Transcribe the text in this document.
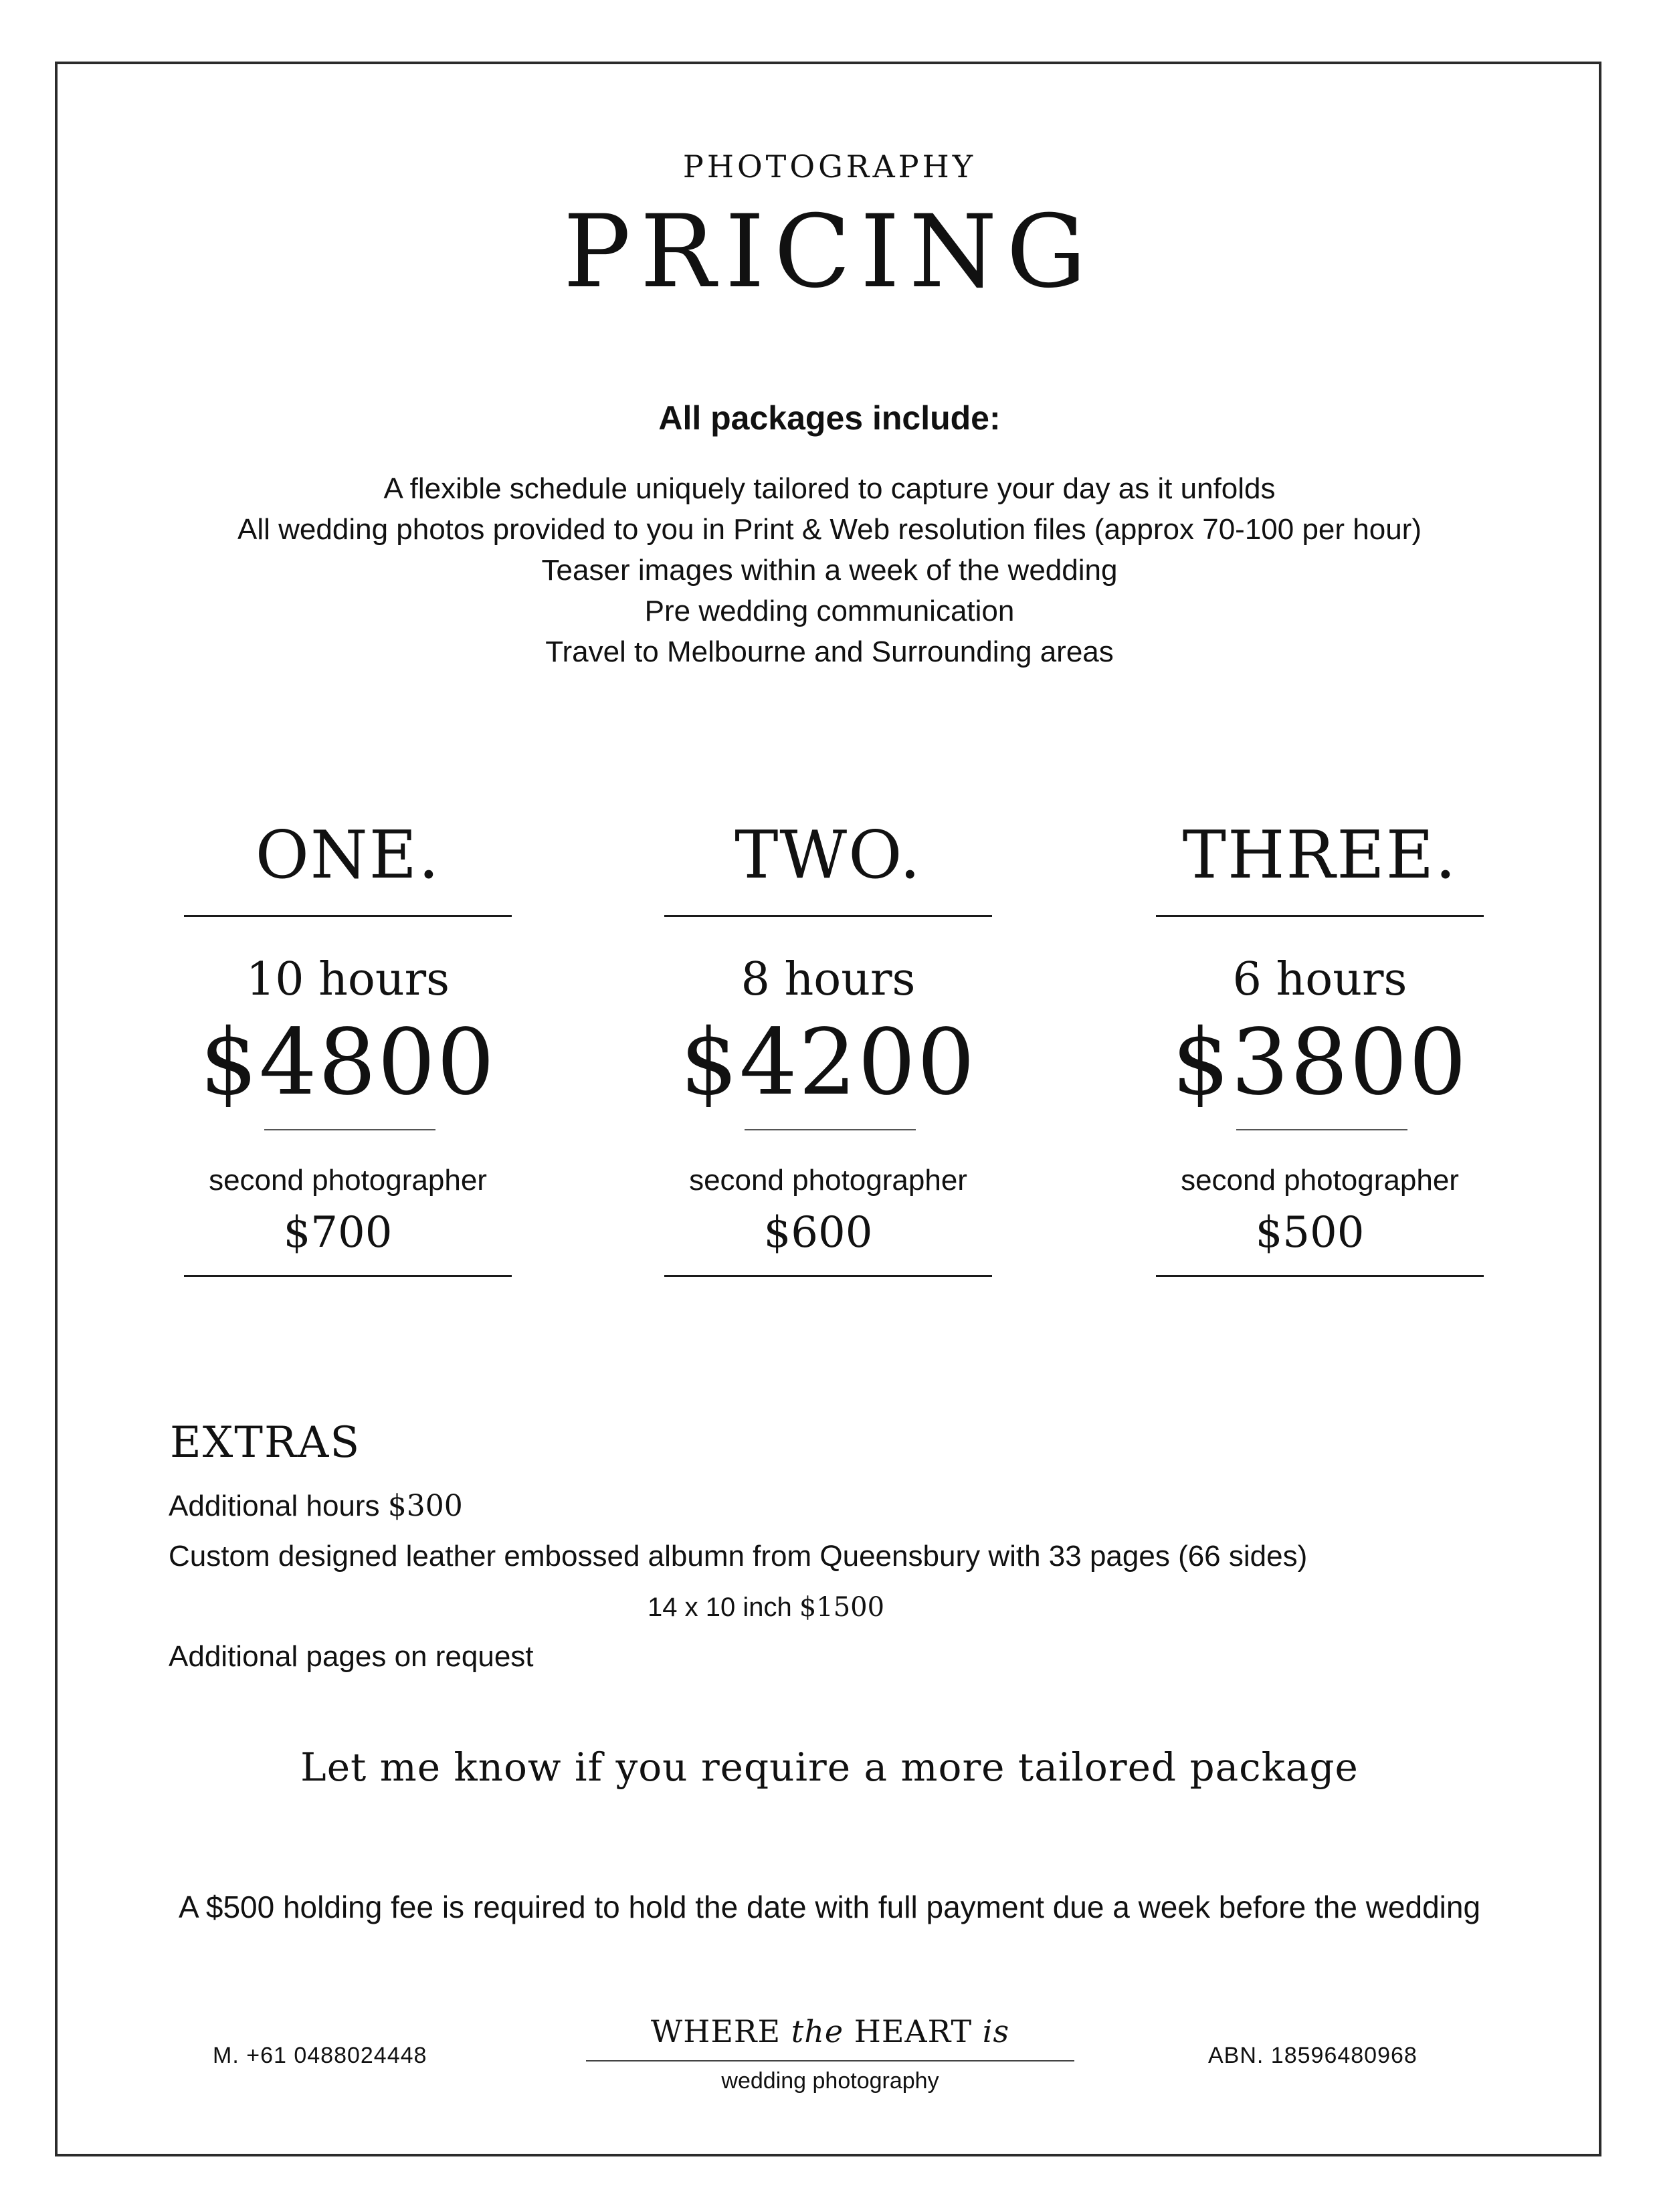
PHOTOGRAPHY
PRICING
All packages include:
A flexible schedule uniquely tailored to capture your day as it unfolds
All wedding photos provided to you in Print & Web resolution files (approx 70-100 per hour)
Teaser images within a week of the wedding
Pre wedding communication
Travel to Melbourne and Surrounding areas
ONE.
10 hours
$4800
second photographer
$700
TWO.
8 hours
$4200
second photographer
$600
THREE.
6 hours
$3800
second photographer
$500
EXTRAS
Additional hours $300
Custom designed leather embossed albumn from Queensbury with 33 pages (66 sides)
14 x 10 inch $1500
Additional pages on request
Let me know if you require a more tailored package
A $500 holding fee is required to hold the date with full payment due a week before the wedding
M. +61 0488024448
WHERE the HEART is
wedding photography
ABN. 18596480968
